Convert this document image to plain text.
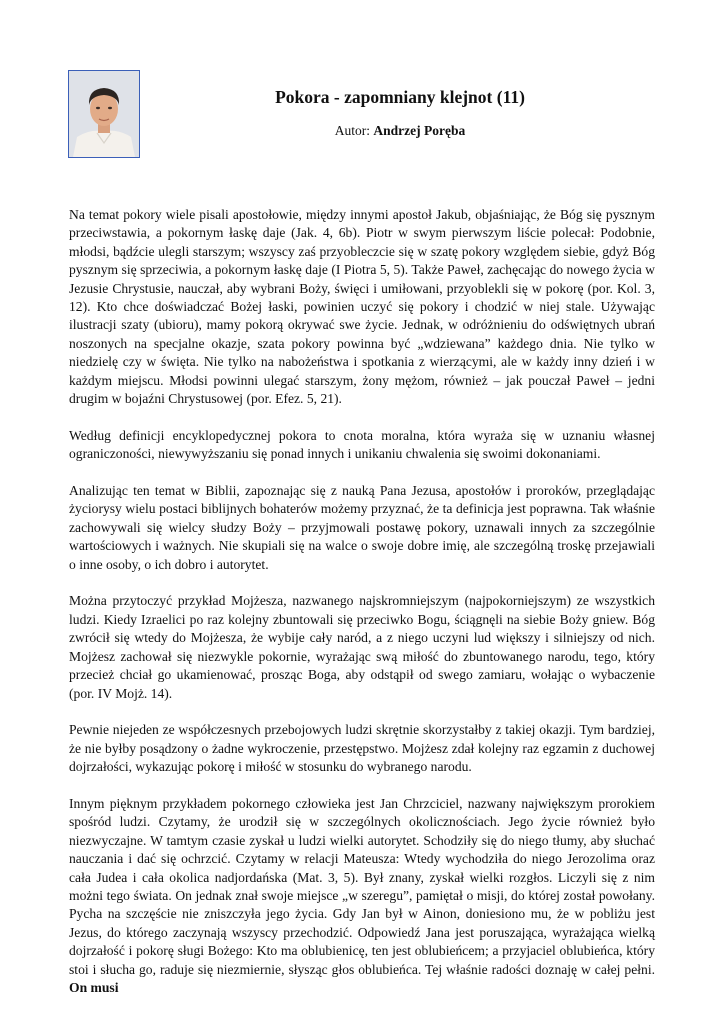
Pokora - zapomniany klejnot (11)
Autor: Andrzej Poręba

Na temat pokory wiele pisali apostołowie, między innymi apostoł Jakub, objaśniając, że Bóg się pysznym przeciwstawia, a pokornym łaskę daje (Jak. 4, 6b). Piotr w swym pierwszym liście polecał: Podobnie, młodsi, bądźcie ulegli starszym; wszyscy zaś przyobleczcie się w szatę pokory względem siebie, gdyż Bóg pysznym się sprzeciwia, a pokornym łaskę daje (I Piotra 5, 5). Także Paweł, zachęcając do nowego życia w Jezusie Chrystusie, nauczał, aby wybrani Boży, święci i umiłowani, przyoblekli się w pokorę (por. Kol. 3, 12). Kto chce doświadczać Bożej łaski, powinien uczyć się pokory i chodzić w niej stale. Używając ilustracji szaty (ubioru), mamy pokorą okrywać swe życie. Jednak, w odróżnieniu do odświętnych ubrań noszonych na specjalne okazje, szata pokory powinna być „wdziewana” każdego dnia. Nie tylko w niedzielę czy w święta. Nie tylko na nabożeństwa i spotkania z wierzącymi, ale w każdy inny dzień i w każdym miejscu. Młodsi powinni ulegać starszym, żony mężom, również – jak pouczał Paweł – jedni drugim w bojaźni Chrystusowej (por. Efez. 5, 21).

Według definicji encyklopedycznej pokora to cnota moralna, która wyraża się w uznaniu własnej ograniczoności, niewywyższaniu się ponad innych i unikaniu chwalenia się swoimi dokonaniami.

Analizując ten temat w Biblii, zapoznając się z nauką Pana Jezusa, apostołów i proroków, przeglądając życiorysy wielu postaci biblijnych bohaterów możemy przyznać, że ta definicja jest poprawna. Tak właśnie zachowywali się wielcy słudzy Boży – przyjmowali postawę pokory, uznawali innych za szczególnie wartościowych i ważnych. Nie skupiali się na walce o swoje dobre imię, ale szczególną troskę przejawiali o inne osoby, o ich dobro i autorytet.

Można przytoczyć przykład Mojżesza, nazwanego najskromniejszym (najpokorniejszym) ze wszystkich ludzi. Kiedy Izraelici po raz kolejny zbuntowali się przeciwko Bogu, ściągnęli na siebie Boży gniew. Bóg zwrócił się wtedy do Mojżesza, że wybije cały naród, a z niego uczyni lud większy i silniejszy od nich. Mojżesz zachował się niezwykle pokornie, wyrażając swą miłość do zbuntowanego narodu, tego, który przecież chciał go ukamienować, prosząc Boga, aby odstąpił od swego zamiaru, wołając o wybaczenie (por. IV Mojż. 14).

Pewnie niejeden ze współczesnych przebojowych ludzi skrętnie skorzystałby z takiej okazji. Tym bardziej, że nie byłby posądzony o żadne wykroczenie, przestępstwo. Mojżesz zdał kolejny raz egzamin z duchowej dojrzałości, wykazując pokorę i miłość w stosunku do wybranego narodu.

Innym pięknym przykładem pokornego człowieka jest Jan Chrzciciel, nazwany największym prorokiem spośród ludzi. Czytamy, że urodził się w szczególnych okolicznościach. Jego życie również było niezwyczajne. W tamtym czasie zyskał u ludzi wielki autorytet. Schodziły się do niego tłumy, aby słuchać nauczania i dać się ochrzcić. Czytamy w relacji Mateusza: Wtedy wychodziła do niego Jerozolima oraz cała Judea i cała okolica nadjordańska (Mat. 3, 5). Był znany, zyskał wielki rozgłos. Liczyli się z nim możni tego świata. On jednak znał swoje miejsce „w szeregu”, pamiętał o misji, do której został powołany. Pycha na szczęście nie zniszczyła jego życia. Gdy Jan był w Ainon, doniesiono mu, że w pobliżu jest Jezus, do którego zaczynają wszyscy przechodzić. Odpowiedź Jana jest poruszająca, wyrażająca wielką dojrzałość i pokorę sługi Bożego: Kto ma oblubienicę, ten jest oblubieńcem; a przyjaciel oblubieńca, który stoi i słucha go, raduje się niezmiernie, słysząc głos oblubieńca. Tej właśnie radości doznaję w całej pełni. On musi
